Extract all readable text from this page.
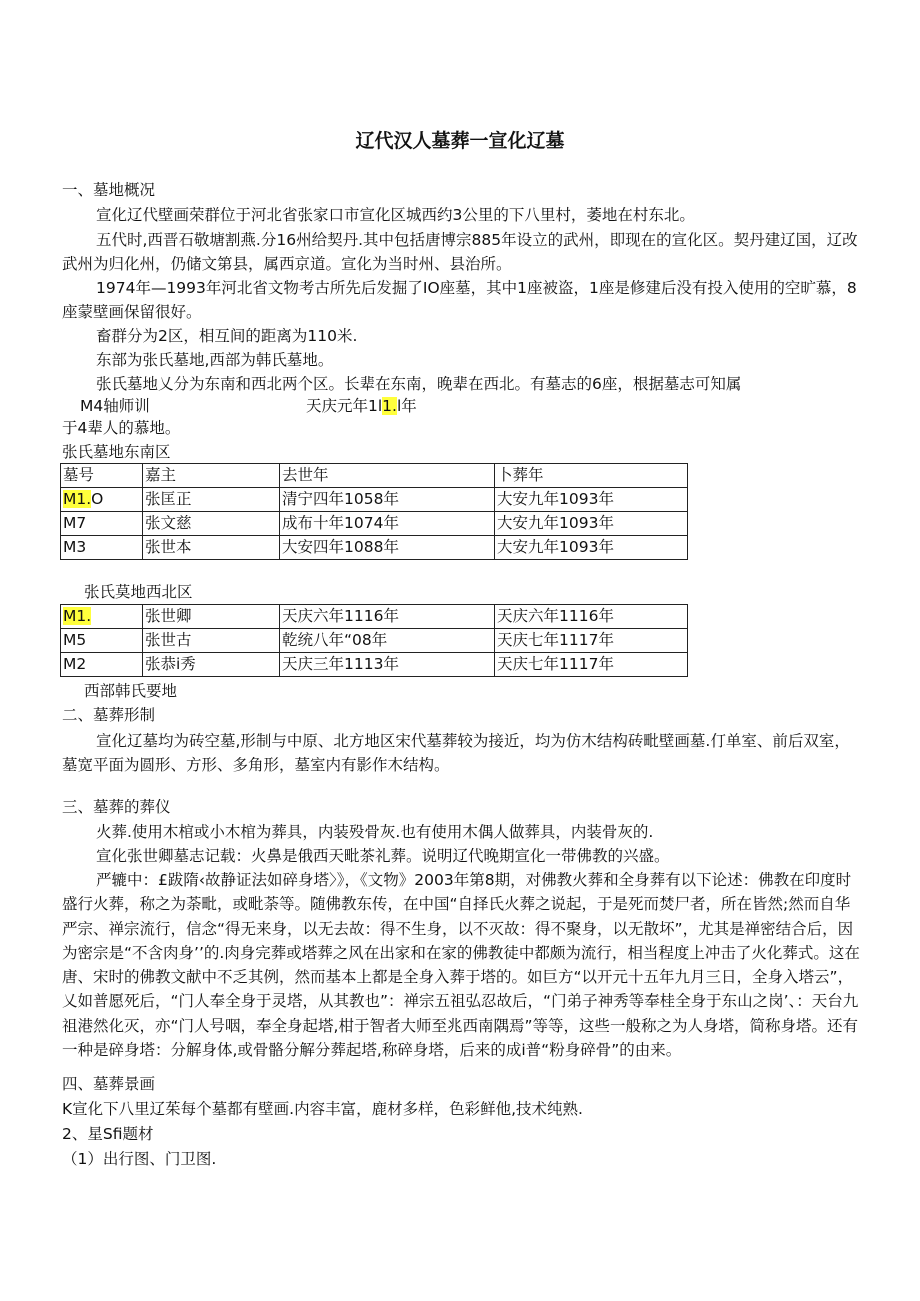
辽代汉人墓葬一宣化辽墓
一、墓地概况
宣化辽代壁画荣群位于河北省张家口市宣化区城西约3公里的下八里村，萎地在村东北。
五代时,西晋石敬塘割燕.分16州给契丹.其中包括唐博宗885年设立的武州，即现在的宣化区。契丹建辽国，辽改武州为归化州，仍储文第县，属西京道。宣化为当时州、县治所。
1974年—1993年河北省文物考古所先后发掘了IO座墓，其中1座被盗，1座是修建后没有投入使用的空旷慕，8座蒙壁画保留很好。
畜群分为2区，相互间的距离为110米.
东部为张氏墓地,西部为韩氏墓地。
张氏墓地乂分为东南和西北两个区。长辈在东南，晚辈在西北。有墓志的6座，根据墓志可知属
M4轴师训	天庆元年1l1.l年
于4辈人的慕地。
张氏墓地东南区
墓号	嘉主	去世年	卜葬年
M1.O	张匡正	清宁四年1058年	大安九年1093年
M7	张文慈	成布十年1074年	大安九年1093年
M3	张世本	大安四年1088年	大安九年1093年
张氏莫地西北区
M1.	张世卿	天庆六年1116年	天庆六年1116年
M5	张世古	乾统八年“08年	天庆七年1117年
M2	张恭i秀	天庆三年1113年	天庆七年1117年
西部韩氏要地
二、墓葬形制
宣化辽墓均为砖空墓,形制与中原、北方地区宋代墓葬较为接近，均为仿木结构砖毗壁画墓.仃单室、前后双室，墓宽平面为圆形、方形、多角形，墓室内有影作木结构。
三、墓葬的葬仪
火葬.使用木棺或小木棺为葬具，内装殁骨灰.也有使用木偶人做葬具，内装骨灰的.
宣化张世卿墓志记载：火鼻是俄西天毗茶礼葬。说明辽代晚期宣化一带佛教的兴盛。
严辘中：£跋隋‹故静证法如碎身塔〉》，《文物》2003年第8期，对佛教火葬和全身葬有以下论述：佛教在印度时盛行火葬，称之为荼毗，或毗荼等。随佛教东传，在中国“自择氏火葬之说起，于是死而焚尸者，所在皆然;然而自华严宗、禅宗流行，信念“得无来身，以无去故：得不生身，以不灭故：得不聚身，以无散坏”，尤其是禅密结合后，因为密宗是“不含肉身’’的.肉身完葬或塔葬之风在出家和在家的佛教徒中都颇为流行，相当程度上冲击了火化葬式。这在唐、宋时的佛教文献中不乏其例，然而基本上都是全身入葬于塔的。如巨方“以开元十五年九月三日，全身入塔云”，乂如普愿死后，“门人奉全身于灵塔，从其教也”：禅宗五祖弘忍故后，“门弟子神秀等奉桂全身于东山之岗’、：天台九祖港然化灭，亦“门人号咽，奉全身起塔,柑于智者大师至兆西南隅焉”等等，这些一般称之为人身塔，简称身塔。还有一种是碎身塔：分解身体,或骨骼分解分葬起塔,称碎身塔，后来的成i普“粉身碎骨”的由来。
四、墓葬景画
K宣化下八里辽茱每个墓都有壁画.内容丰富，鹿材多样，色彩鲜他,技术纯熟.
2、星Sfi题材
（1）出行图、门卫图.
